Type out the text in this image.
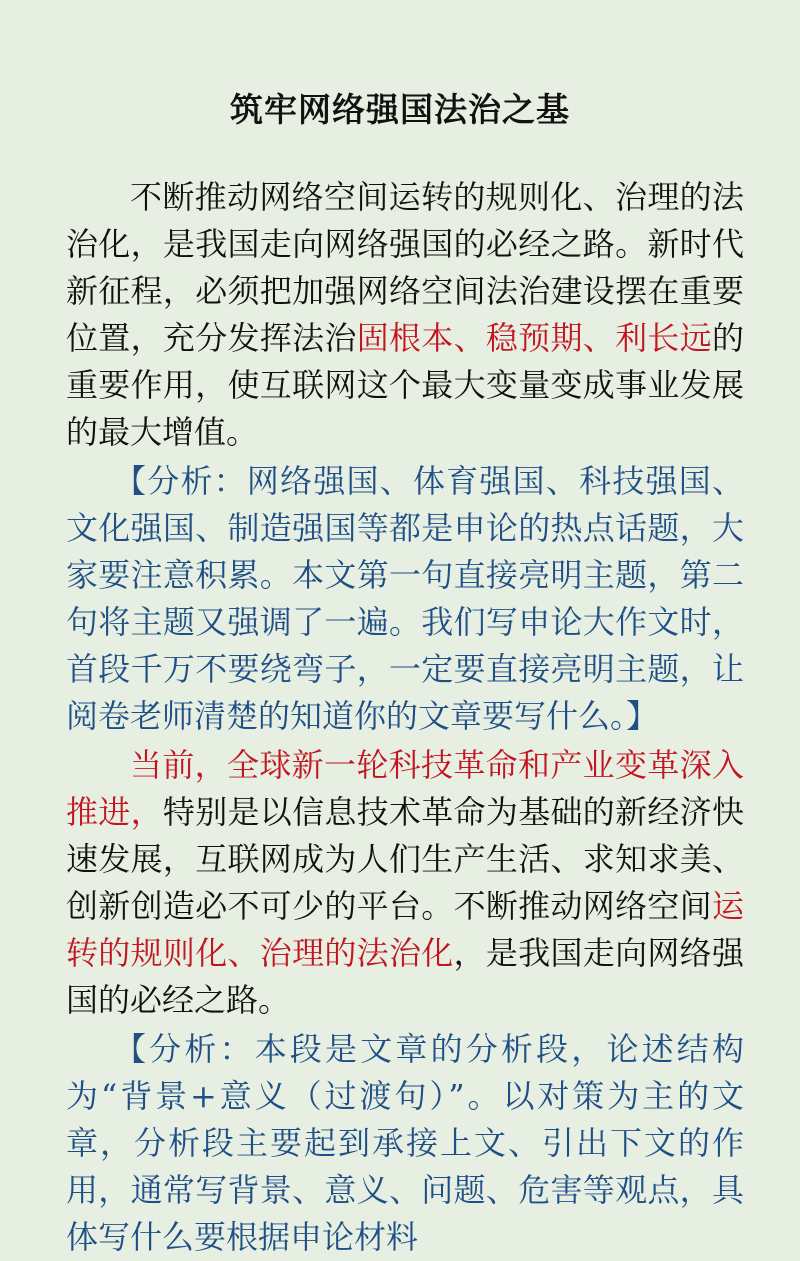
筑牢网络强国法治之基

不断推动网络空间运转的规则化、治理的法治化，是我国走向网络强国的必经之路。新时代新征程，必须把加强网络空间法治建设摆在重要位置，充分发挥法治固根本、稳预期、利长远的重要作用，使互联网这个最大变量变成事业发展的最大增值。

【分析：网络强国、体育强国、科技强国、文化强国、制造强国等都是申论的热点话题，大家要注意积累。本文第一句直接亮明主题，第二句将主题又强调了一遍。我们写申论大作文时，首段千万不要绕弯子，一定要直接亮明主题，让阅卷老师清楚的知道你的文章要写什么。】

当前，全球新一轮科技革命和产业变革深入推进，特别是以信息技术革命为基础的新经济快速发展，互联网成为人们生产生活、求知求美、创新创造必不可少的平台。不断推动网络空间运转的规则化、治理的法治化，是我国走向网络强国的必经之路。

【分析：本段是文章的分析段，论述结构为“背景+意义（过渡句）”。以对策为主的文章，分析段主要起到承接上文、引出下文的作用，通常写背景、意义、问题、危害等观点，具体写什么要根据申论材料
